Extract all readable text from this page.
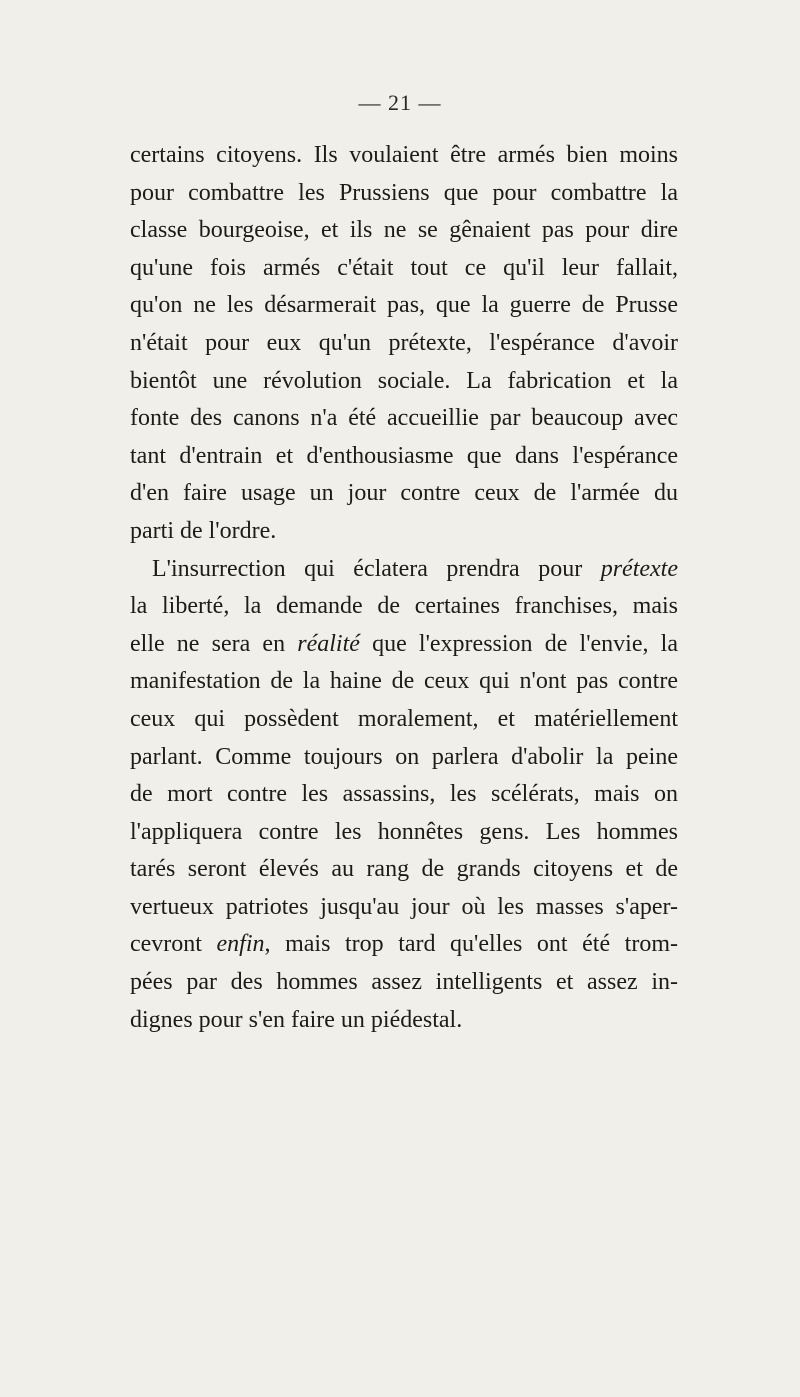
— 21 —
certains citoyens. Ils voulaient être armés bien moins
pour combattre les Prussiens que pour combattre la
classe bourgeoise, et ils ne se gênaient pas pour dire
qu'une fois armés c'était tout ce qu'il leur fallait,
qu'on ne les désarmerait pas, que la guerre de Prusse
n'était pour eux qu'un prétexte, l'espérance d'avoir
bientôt une révolution sociale. La fabrication et la
fonte des canons n'a été accueillie par beaucoup avec
tant d'entrain et d'enthousiasme que dans l'espérance
d'en faire usage un jour contre ceux de l'armée du
parti de l'ordre.
L'insurrection qui éclatera prendra pour prétexte
la liberté, la demande de certaines franchises, mais
elle ne sera en réalité que l'expression de l'envie, la
manifestation de la haine de ceux qui n'ont pas contre
ceux qui possèdent moralement, et matériellement
parlant. Comme toujours on parlera d'abolir la peine
de mort contre les assassins, les scélérats, mais on
l'appliquera contre les honnêtes gens. Les hommes
tarés seront élevés au rang de grands citoyens et de
vertueux patriotes jusqu'au jour où les masses s'aper-
cevront enfin, mais trop tard qu'elles ont été trom-
pées par des hommes assez intelligents et assez in-
dignes pour s'en faire un piédestal.
